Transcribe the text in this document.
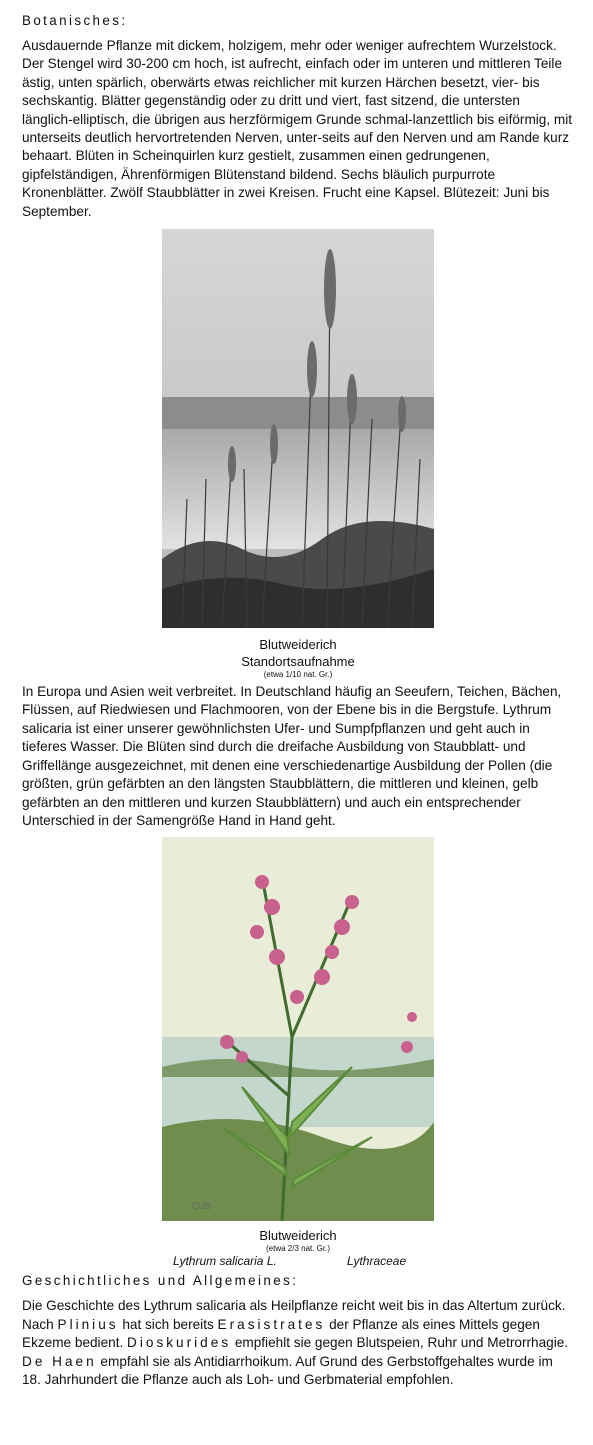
Botanisches:

Ausdauernde Pflanze mit dickem, holzigem, mehr oder weniger aufrechtem Wurzelstock. Der Stengel wird 30-200 cm hoch, ist aufrecht, einfach oder im unteren und mittleren Teile ästig, unten spärlich, oberwärts etwas reichlicher mit kurzen Härchen besetzt, vier- bis sechskantig. Blätter gegenständig oder zu dritt und viert, fast sitzend, die untersten länglich-elliptisch, die übrigen aus herzförmigem Grunde schmal-lanzettlich bis eiförmig, mit unterseits deutlich hervortretenden Nerven, unter-seits auf den Nerven und am Rande kurz behaart. Blüten in Scheinquirlen kurz gestielt, zusammen einen gedrungenen, gipfelständigen, Ährenförmigen Blütenstand bildend. Sechs bläulich purpurrote Kronenblätter. Zwölf Staubblätter in zwei Kreisen. Frucht eine Kapsel. Blütezeit: Juni bis September.

Blutweiderich
Standortsaufnahme
(etwa 1/10 nat. Gr.)

In Europa und Asien weit verbreitet. In Deutschland häufig an Seeufern, Teichen, Bächen, Flüssen, auf Riedwiesen und Flachmooren, von der Ebene bis in die Bergstufe. Lythrum salicaria ist einer unserer gewöhnlichsten Ufer- und Sumpfpflanzen und geht auch in tieferes Wasser. Die Blüten sind durch die dreifache Ausbildung von Staubblatt- und Griffellänge ausgezeichnet, mit denen eine verschiedenartige Ausbildung der Pollen (die größten, grün gefärbten an den längsten Staubblättern, die mittleren und kleinen, gelb gefärbten an den mittleren und kurzen Staubblättern) und auch ein entsprechender Unterschied in der Samengröße Hand in Hand geht.

CUB
Blutweiderich
(etwa 2/3 nat. Gr.)
Lythrum salicaria L.	Lythraceae
Geschichtliches und Allgemeines:

Die Geschichte des Lythrum salicaria als Heilpflanze reicht weit bis in das Altertum zurück. Nach Plinius hat sich bereits Erasistrates der Pflanze als eines Mittels gegen Ekzeme bedient. Dioskurides empfiehlt sie gegen Blutspeien, Ruhr und Metrorrhagie. De Haen empfahl sie als Antidiarrhoikum. Auf Grund des Gerbstoffgehaltes wurde im 18. Jahrhundert die Pflanze auch als Loh- und Gerbmaterial empfohlen.
